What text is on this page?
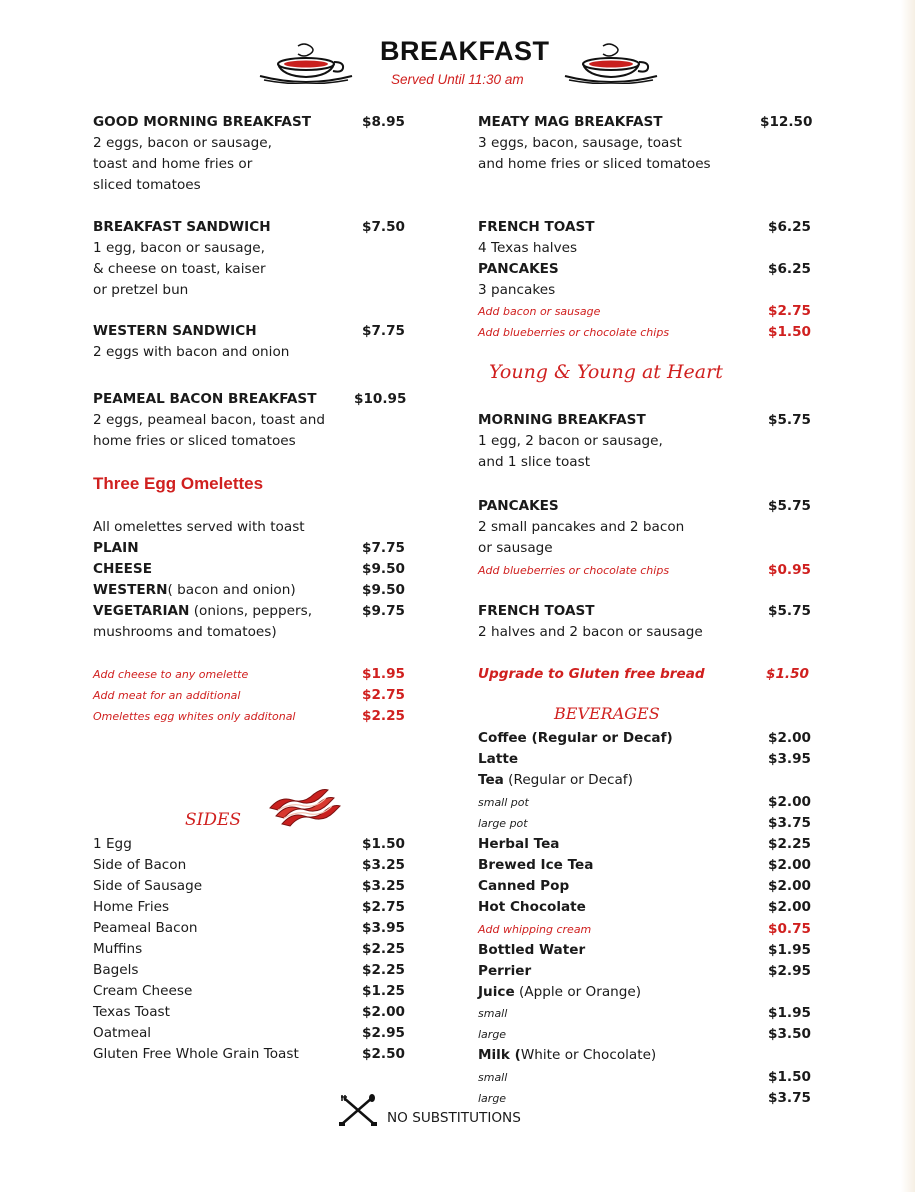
BREAKFAST
Served Until 11:30 am
GOOD MORNING BREAKFAST	$8.95
2 eggs, bacon or sausage,
toast and home fries or
sliced tomatoes
BREAKFAST SANDWICH	$7.50
1 egg, bacon or sausage,
& cheese on toast, kaiser
or pretzel bun
WESTERN SANDWICH	$7.75
2 eggs with bacon and onion
PEAMEAL BACON BREAKFAST	$10.95
2 eggs, peameal bacon, toast and
home fries or sliced tomatoes
Three Egg Omelettes
All omelettes served with toast
PLAIN	$7.75
CHEESE	$9.50
WESTERN( bacon and onion)	$9.50
VEGETARIAN (onions, peppers,	$9.75
mushrooms and tomatoes)
Add cheese to any omelette	$1.95
Add meat for an additional	$2.75
Omelettes egg whites only additonal	$2.25
SIDES
1 Egg	$1.50
Side of Bacon	$3.25
Side of Sausage	$3.25
Home Fries	$2.75
Peameal Bacon	$3.95
Muffins	$2.25
Bagels	$2.25
Cream Cheese	$1.25
Texas Toast	$2.00
Oatmeal	$2.95
Gluten Free Whole Grain Toast	$2.50
MEATY MAG BREAKFAST	$12.50
3 eggs, bacon, sausage, toast
and home fries or sliced tomatoes
FRENCH TOAST	$6.25
4 Texas halves
PANCAKES	$6.25
3 pancakes
Add bacon or sausage	$2.75
Add blueberries or chocolate chips	$1.50
Young & Young at Heart
MORNING BREAKFAST	$5.75
1 egg, 2 bacon or sausage,
and 1 slice toast
PANCAKES	$5.75
2 small pancakes and 2 bacon
or sausage
Add blueberries or chocolate chips	$0.95
FRENCH TOAST	$5.75
2 halves and 2 bacon or sausage
Upgrade to Gluten free bread	$1.50
BEVERAGES
Coffee (Regular or Decaf)	$2.00
Latte	$3.95
Tea (Regular or Decaf)
small pot	$2.00
large pot	$3.75
Herbal Tea	$2.25
Brewed Ice Tea	$2.00
Canned Pop	$2.00
Hot Chocolate	$2.00
Add whipping cream	$0.75
Bottled Water	$1.95
Perrier	$2.95
Juice (Apple or Orange)
small	$1.95
large	$3.50
Milk (White or Chocolate)
small	$1.50
large	$3.75
NO SUBSTITUTIONS
